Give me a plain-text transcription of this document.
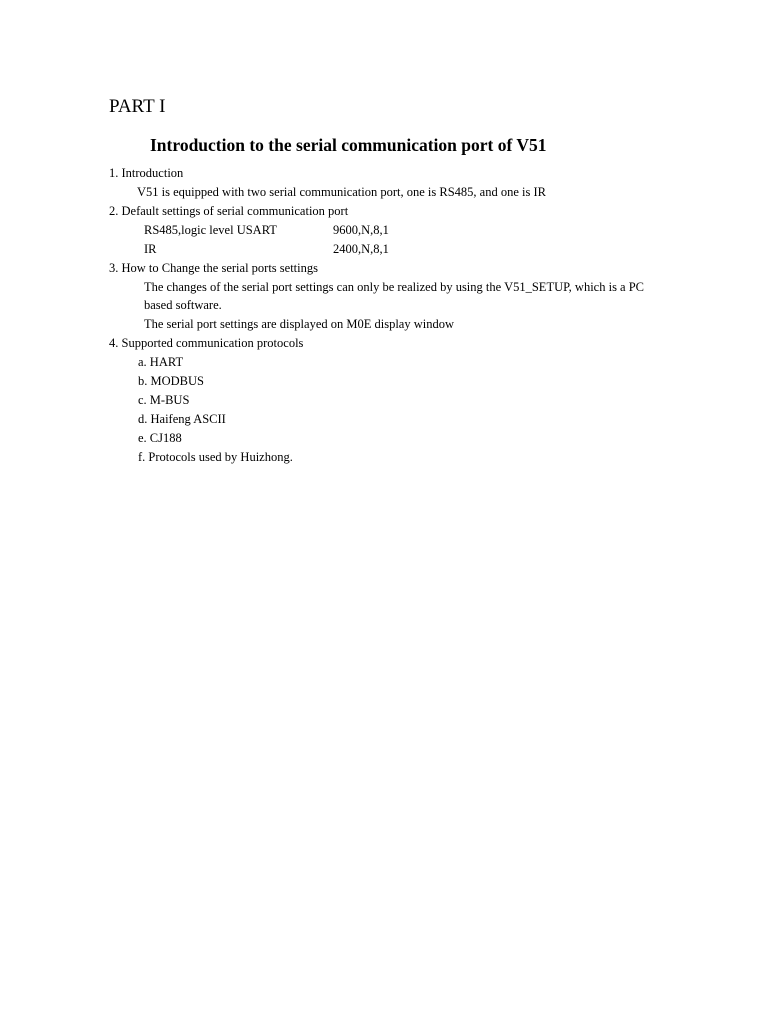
PART I
Introduction to the serial communication port of V51
1. Introduction
V51 is equipped with two serial communication port, one is RS485, and one is IR
2. Default settings of serial communication port
RS485,logic level USART	9600,N,8,1
IR	2400,N,8,1
3. How to Change the serial ports settings
The changes of the serial port settings can only be realized by using the V51_SETUP, which is a PC
based software.
The serial port settings are displayed on M0E display window
4. Supported communication protocols
a. HART
b. MODBUS
c. M-BUS
d. Haifeng ASCII
e. CJ188
f. Protocols used by Huizhong.
